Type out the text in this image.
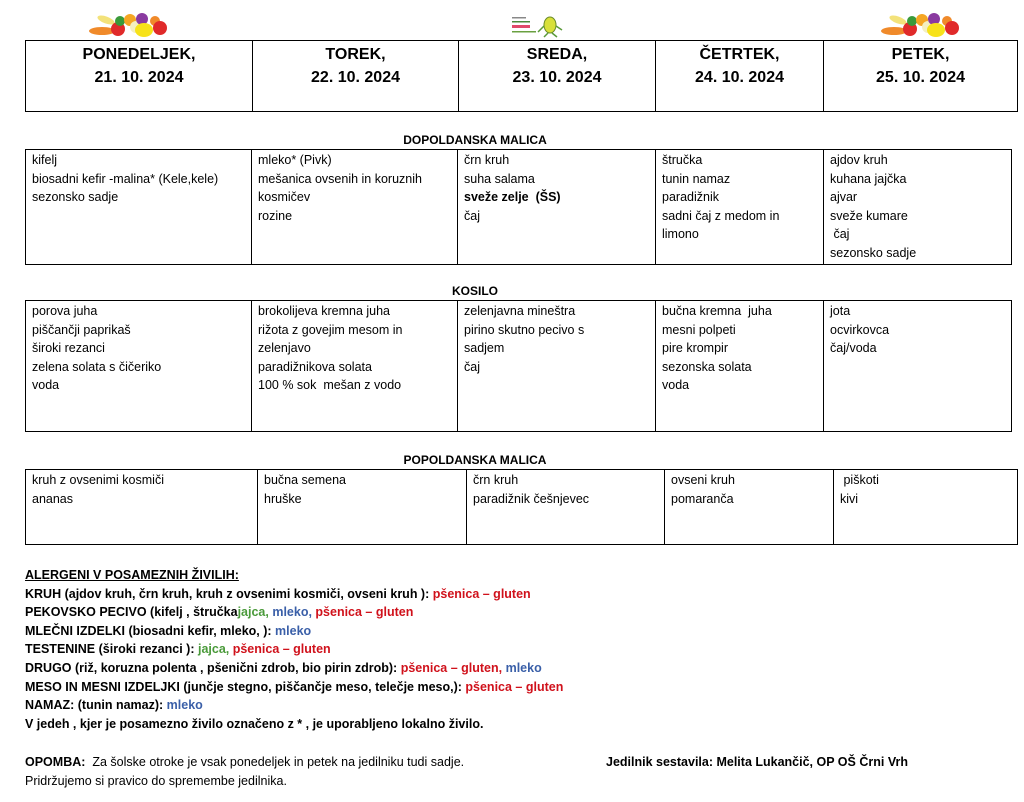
PONEDELJEK,
21. 10. 2024

TOREK,
22. 10. 2024

SREDA,
23. 10. 2024

ČETRTEK,
24. 10. 2024

PETEK,
25. 10. 2024
DOPOLDANSKA MALICA
kifelj
biosadni kefir -malina* (Kele,kele)
sezonsko sadje

mleko* (Pivk)
mešanica ovsenih in koruznih
kosmičev
rozine

črn kruh
suha salama
sveže zelje  (ŠS)
čaj

štručka
tunin namaz
paradižnik
sadni čaj z medom in
limono

ajdov kruh
kuhana jajčka
ajvar
sveže kumare
čaj
sezonsko sadje
KOSILO
porova juha
piščančji paprikaš
široki rezanci
zelena solata s čičeriko
voda

brokolijeva kremna juha
rižota z govejim mesom in
zelenjavo
paradižnikova solata
100 % sok  mešan z vodo

zelenjavna mineštra
pirino skutno pecivo s
sadjem
čaj

bučna kremna  juha
mesni polpeti
pire krompir
sezonska solata
voda

jota
ocvirkovca
čaj/voda
POPOLDANSKA MALICA
kruh z ovsenimi kosmiči
ananas

bučna semena
hruške

črn kruh
paradižnik češnjevec

ovseni kruh
pomaranča

piškoti
kivi
ALERGENI V POSAMEZNIH ŽIVILIH:
KRUH (ajdov kruh, črn kruh, kruh z ovsenimi kosmiči, ovseni kruh ): pšenica – gluten
PEKOVSKO PECIVO (kifelj , štručkajajca, mleko, pšenica – gluten
MLEČNI IZDELKI (biosadni kefir, mleko, ): mleko
TESTENINE (široki rezanci ): jajca, pšenica – gluten
DRUGO (riž, koruzna polenta , pšenični zdrob, bio pirin zdrob): pšenica – gluten, mleko
MESO IN MESNI IZDELJKI (junčje stegno, piščančje meso, telečje meso,): pšenica – gluten
NAMAZ: (tunin namaz): mleko
V jedeh , kjer je posamezno živilo označeno z * , je uporabljeno lokalno živilo.
OPOMBA:  Za šolske otroke je vsak ponedeljek in petek na jedilniku tudi sadje.
Pridržujemo si pravico do spremembe jedilnika.
Jedilnik sestavila: Melita Lukančič, OP OŠ Črni Vrh
